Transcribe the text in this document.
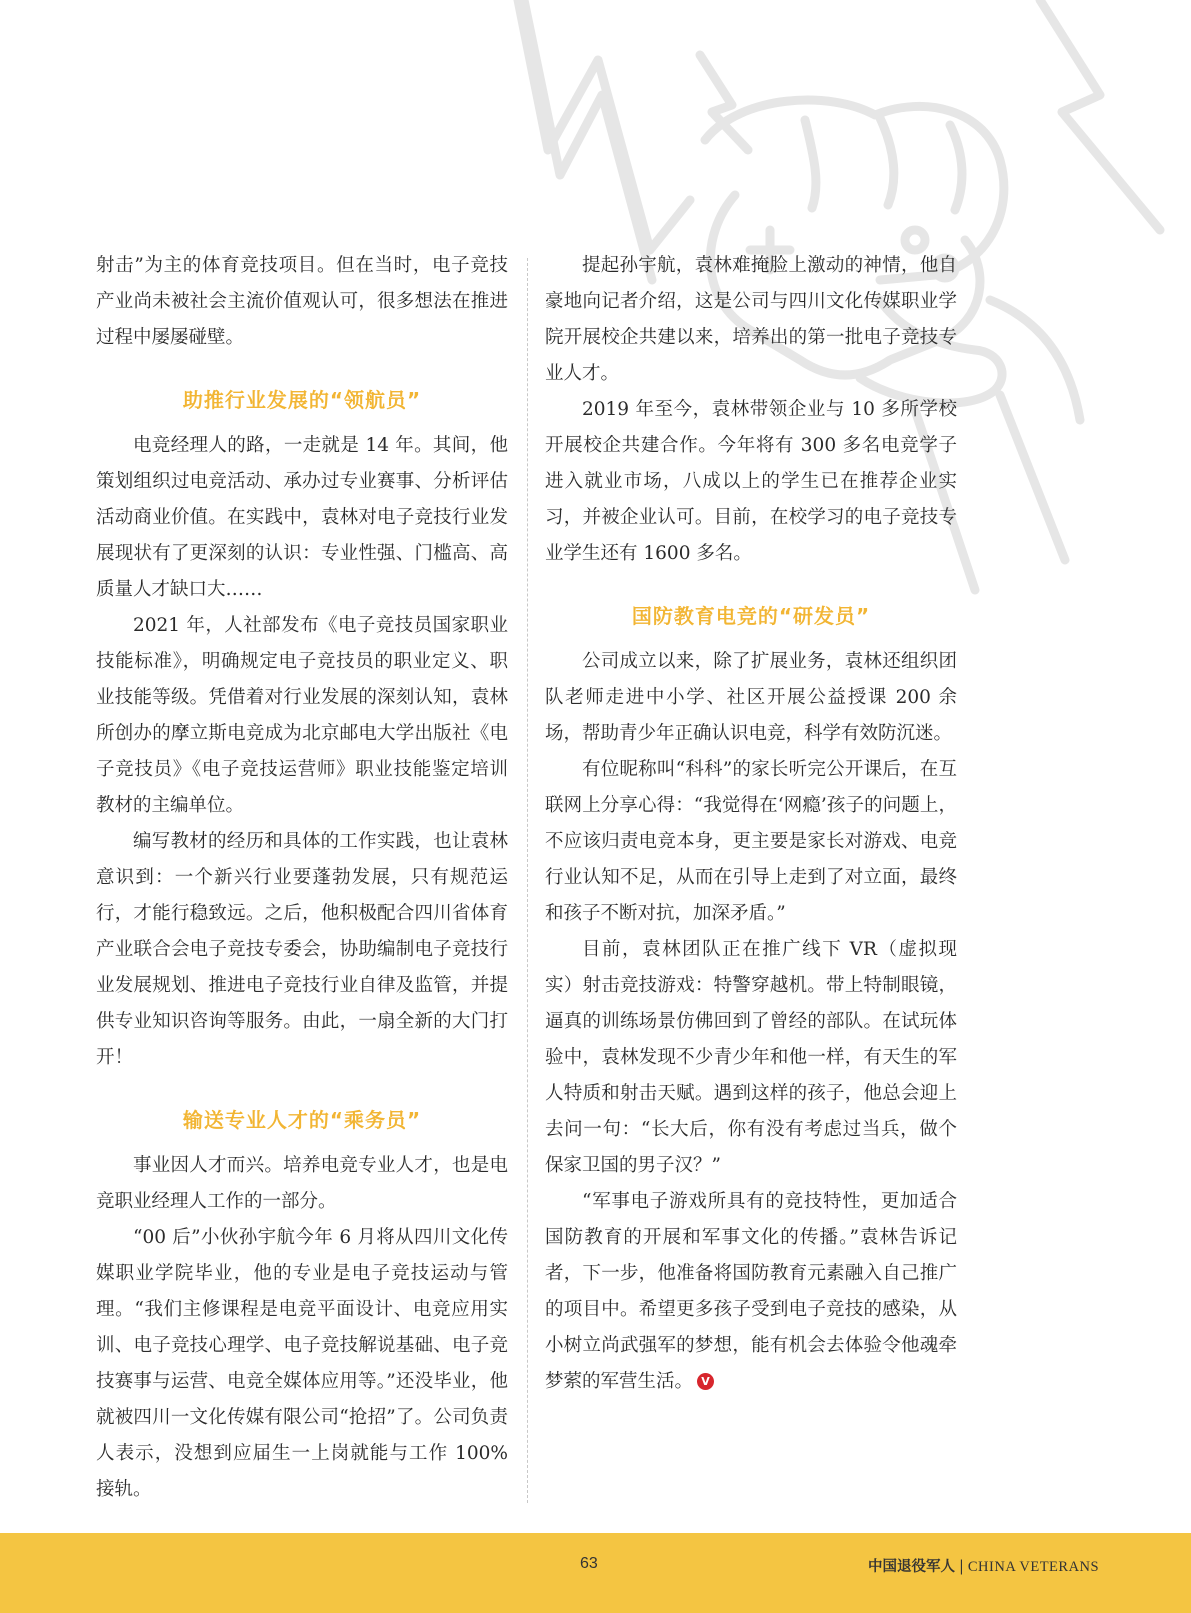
射击”为主的体育竞技项目。但在当时，电子竞技产业尚未被社会主流价值观认可，很多想法在推进过程中屡屡碰壁。

助推行业发展的“领航员”

电竞经理人的路，一走就是 14 年。其间，他策划组织过电竞活动、承办过专业赛事、分析评估活动商业价值。在实践中，袁林对电子竞技行业发展现状有了更深刻的认识：专业性强、门槛高、高质量人才缺口大……

2021 年，人社部发布《电子竞技员国家职业技能标准》，明确规定电子竞技员的职业定义、职业技能等级。凭借着对行业发展的深刻认知，袁林所创办的摩立斯电竞成为北京邮电大学出版社《电子竞技员》《电子竞技运营师》职业技能鉴定培训教材的主编单位。

编写教材的经历和具体的工作实践，也让袁林意识到：一个新兴行业要蓬勃发展，只有规范运行，才能行稳致远。之后，他积极配合四川省体育产业联合会电子竞技专委会，协助编制电子竞技行业发展规划、推进电子竞技行业自律及监管，并提供专业知识咨询等服务。由此，一扇全新的大门打开！

输送专业人才的“乘务员”

事业因人才而兴。培养电竞专业人才，也是电竞职业经理人工作的一部分。

“00 后”小伙孙宇航今年 6 月将从四川文化传媒职业学院毕业，他的专业是电子竞技运动与管理。“我们主修课程是电竞平面设计、电竞应用实训、电子竞技心理学、电子竞技解说基础、电子竞技赛事与运营、电竞全媒体应用等。”还没毕业，他就被四川一文化传媒有限公司“抢招”了。公司负责人表示，没想到应届生一上岗就能与工作 100% 接轨。

提起孙宇航，袁林难掩脸上激动的神情，他自豪地向记者介绍，这是公司与四川文化传媒职业学院开展校企共建以来，培养出的第一批电子竞技专业人才。

2019 年至今，袁林带领企业与 10 多所学校开展校企共建合作。今年将有 300 多名电竞学子进入就业市场，八成以上的学生已在推荐企业实习，并被企业认可。目前，在校学习的电子竞技专业学生还有 1600 多名。

国防教育电竞的“研发员”

公司成立以来，除了扩展业务，袁林还组织团队老师走进中小学、社区开展公益授课 200 余场，帮助青少年正确认识电竞，科学有效防沉迷。

有位昵称叫“科科”的家长听完公开课后，在互联网上分享心得：“我觉得在‘网瘾’孩子的问题上，不应该归责电竞本身，更主要是家长对游戏、电竞行业认知不足，从而在引导上走到了对立面，最终和孩子不断对抗，加深矛盾。”

目前，袁林团队正在推广线下 VR（虚拟现实）射击竞技游戏：特警穿越机。带上特制眼镜，逼真的训练场景仿佛回到了曾经的部队。在试玩体验中，袁林发现不少青少年和他一样，有天生的军人特质和射击天赋。遇到这样的孩子，他总会迎上去问一句：“长大后，你有没有考虑过当兵，做个保家卫国的男子汉？”

“军事电子游戏所具有的竞技特性，更加适合国防教育的开展和军事文化的传播。”袁林告诉记者，下一步，他准备将国防教育元素融入自己推广的项目中。希望更多孩子受到电子竞技的感染，从小树立尚武强军的梦想，能有机会去体验令他魂牵梦萦的军营生活。 V

63	中国退役军人 | CHINA VETERANS
